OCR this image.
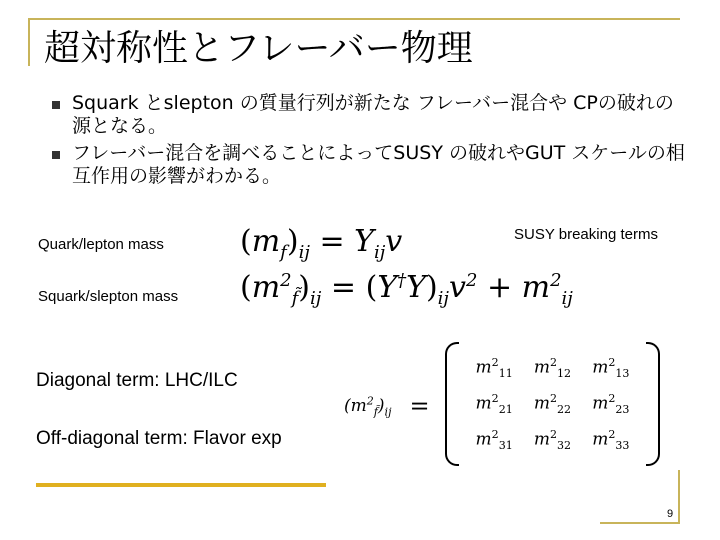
超対称性とフレーバー物理
Squark とslepton の質量行列が新たな フレーバー混合や CPの破れの源となる。
フレーバー混合を調べることによってSUSY の破れやGUT スケールの相互作用の影響がわかる。
Quark/lepton mass
Squark/slepton mass
SUSY breaking terms
$(m_f)_{ij} = Y_{ij}v$
$(m^2_{f̃})_{ij} = (Y^\dagger Y)_{ij}v^2 + m^2_{ij}$
Diagonal term: LHC/ILC
Off-diagonal term: Flavor exp
$(m^2_{f̃})_{ij}$ =
$m^2_{11}$ $m^2_{12}$ $m^2_{13}$
$m^2_{21}$ $m^2_{22}$ $m^2_{23}$
$m^2_{31}$ $m^2_{32}$ $m^2_{33}$
9
